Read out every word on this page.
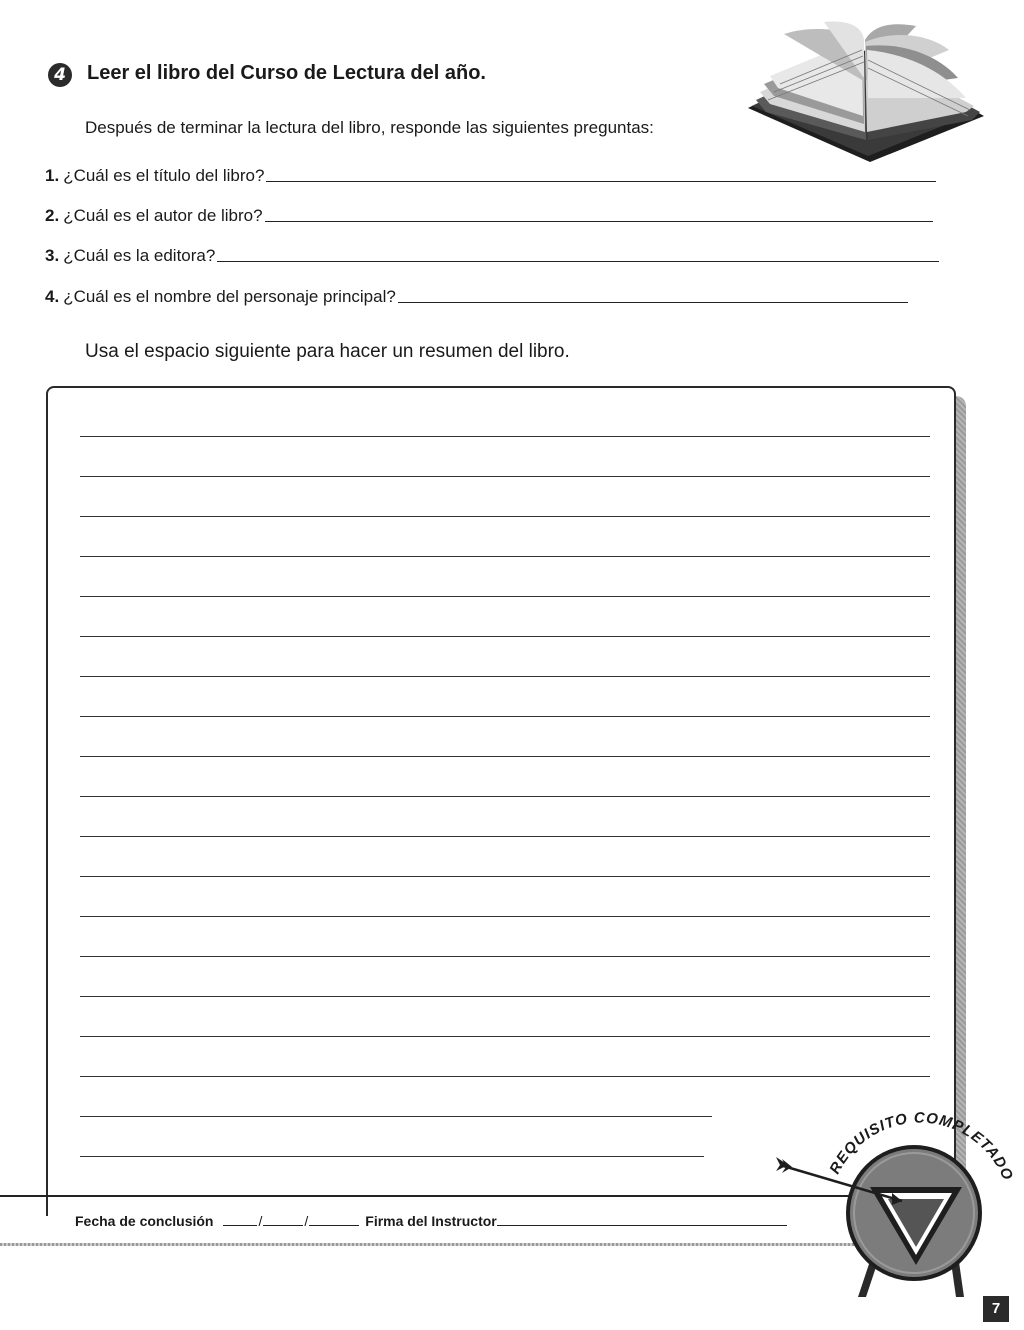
4	Leer el libro del Curso de Lectura del año.
Después de terminar la lectura del libro, responde las siguientes preguntas:
1. ¿Cuál es el título del libro?
2. ¿Cuál es el autor de libro?
3. ¿Cuál es la editora?
4. ¿Cuál es el nombre del personaje principal?
Usa el espacio siguiente para hacer un resumen del libro.
Fecha de conclusión	/	/	Firma del Instructor
REQUISITO COMPLETADO
7
